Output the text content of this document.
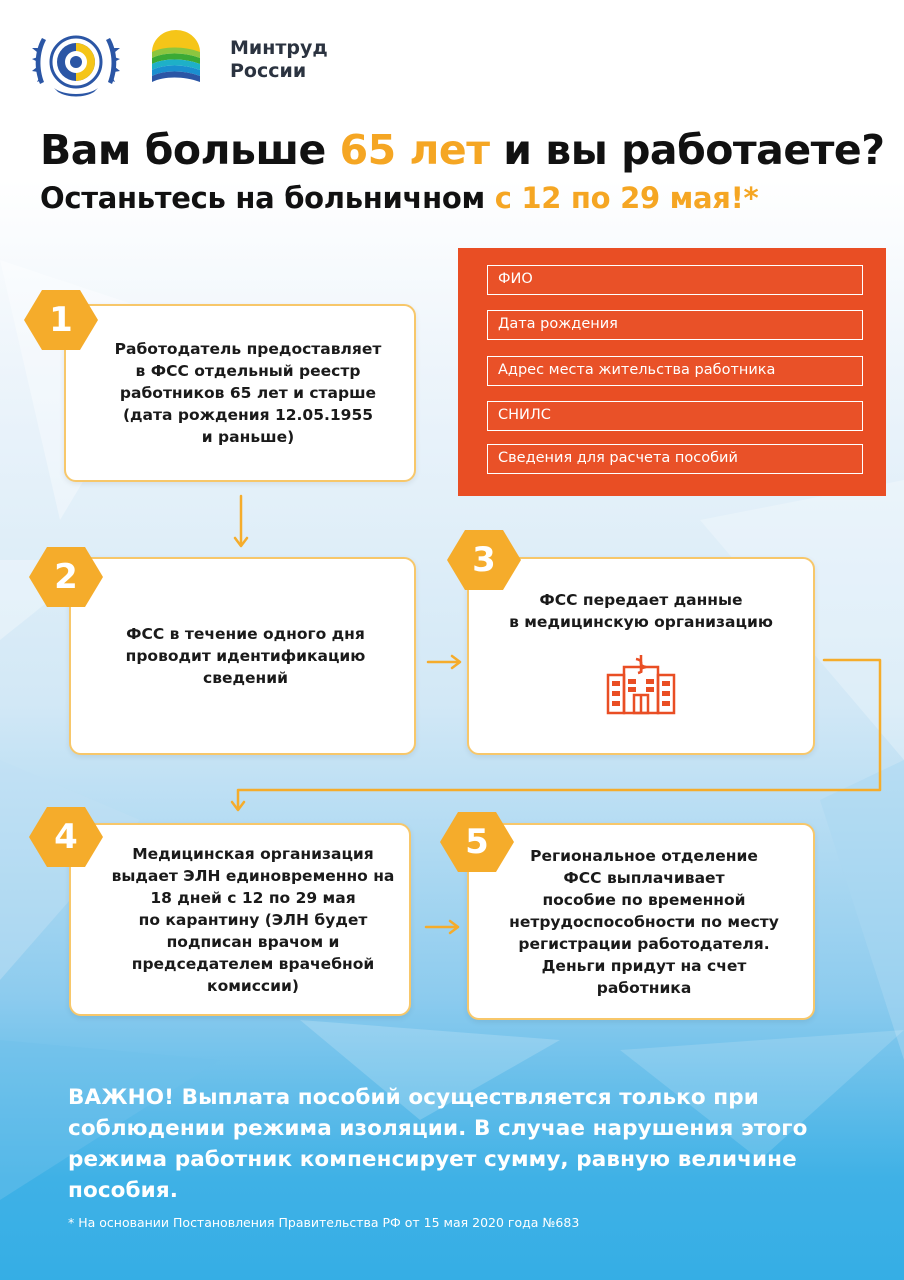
Минтруд
России
Вам больше 65 лет и вы работаете?
Останьтесь на больничном с 12 по 29 мая!*
ФИО
Дата рождения
Адрес места жительства работника
СНИЛС
Сведения для расчета пособий
Работодатель предоставляет
в ФСС отдельный реестр
работников 65 лет и старше
(дата рождения 12.05.1955
и раньше)
ФСС в течение одного дня
проводит идентификацию
сведений
ФСС передает данные
в медицинскую организацию
Медицинская организация
выдает ЭЛН единовременно на
18 дней с 12 по 29 мая
по карантину (ЭЛН будет
подписан врачом и
председателем врачебной
комиссии)
Региональное отделение
ФСС выплачивает
пособие по временной
нетрудоспособности по месту
регистрации работодателя.
Деньги придут на счет
работника
1
2	3
4	5
ВАЖНО! Выплата пособий осуществляется только при соблюдении режима изоляции. В случае нарушения этого режима работник компенсирует сумму, равную величине пособия.
* На основании Постановления Правительства РФ от 15 мая 2020 года №683
